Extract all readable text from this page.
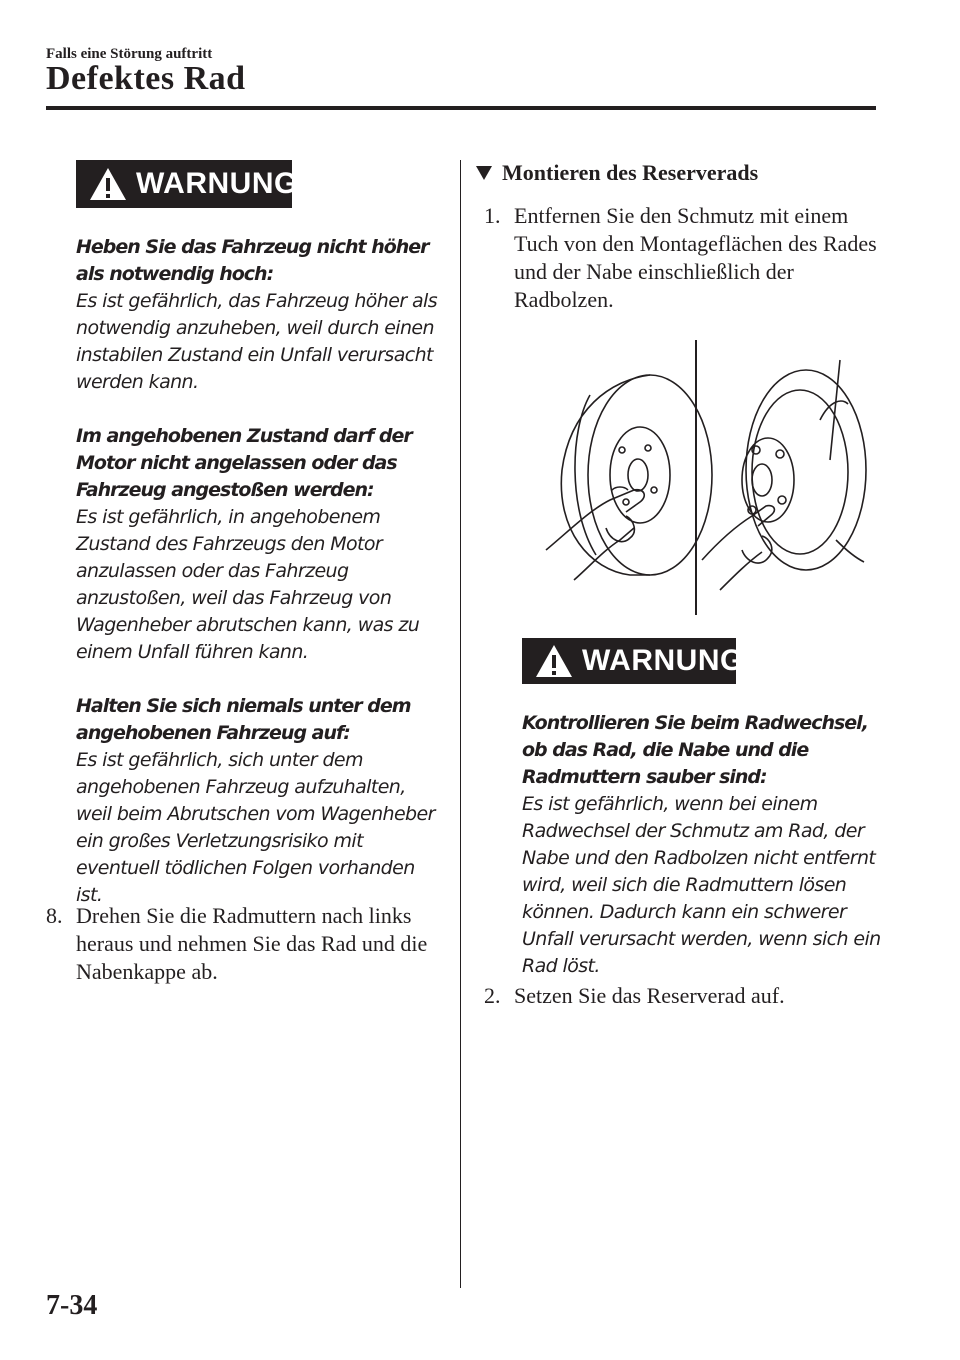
Falls eine Störung auftritt
Defektes Rad
WARNUNG

Heben Sie das Fahrzeug nicht höher als notwendig hoch:

Es ist gefährlich, das Fahrzeug höher als notwendig anzuheben, weil durch einen instabilen Zustand ein Unfall verursacht werden kann.

Im angehobenen Zustand darf der Motor nicht angelassen oder das Fahrzeug angestoßen werden:

Es ist gefährlich, in angehobenem Zustand des Fahrzeugs den Motor anzulassen oder das Fahrzeug anzustoßen, weil das Fahrzeug von Wagenheber abrutschen kann, was zu einem Unfall führen kann.

Halten Sie sich niemals unter dem angehobenen Fahrzeug auf:

Es ist gefährlich, sich unter dem angehobenen Fahrzeug aufzuhalten, weil beim Abrutschen vom Wagenheber ein großes Verletzungsrisiko mit eventuell tödlichen Folgen vorhanden ist.

8. Drehen Sie die Radmuttern nach links heraus und nehmen Sie das Rad und die Nabenkappe ab.
Montieren des Reserverads
1. Entfernen Sie den Schmutz mit einem Tuch von den Montageflächen des Rades und der Nabe einschließlich der Radbolzen.
WARNUNG

Kontrollieren Sie beim Radwechsel, ob das Rad, die Nabe und die Radmuttern sauber sind:

Es ist gefährlich, wenn bei einem Radwechsel der Schmutz am Rad, der Nabe und den Radbolzen nicht entfernt wird, weil sich die Radmuttern lösen können. Dadurch kann ein schwerer Unfall verursacht werden, wenn sich ein Rad löst.

2. Setzen Sie das Reserverad auf.
7-34
